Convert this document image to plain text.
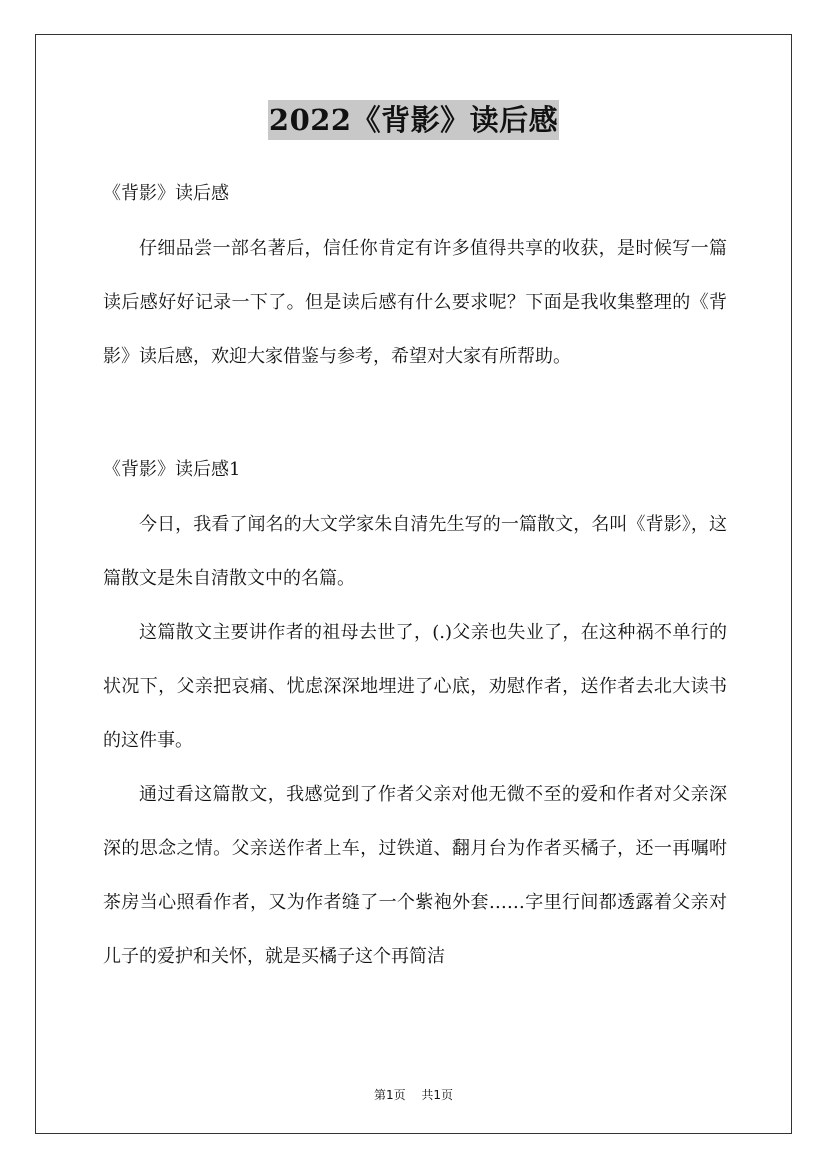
2022《背影》读后感

《背影》读后感

仔细品尝一部名著后，信任你肯定有许多值得共享的收获，是时候写一篇读后感好好记录一下了。但是读后感有什么要求呢？下面是我收集整理的《背影》读后感，欢迎大家借鉴与参考，希望对大家有所帮助。

《背影》读后感1

今日，我看了闻名的大文学家朱自清先生写的一篇散文，名叫《背影》，这篇散文是朱自清散文中的名篇。

这篇散文主要讲作者的祖母去世了，(.)父亲也失业了，在这种祸不单行的状况下，父亲把哀痛、忧虑深深地埋进了心底，劝慰作者，送作者去北大读书的这件事。

通过看这篇散文，我感觉到了作者父亲对他无微不至的爱和作者对父亲深深的思念之情。父亲送作者上车，过铁道、翻月台为作者买橘子，还一再嘱咐茶房当心照看作者，又为作者缝了一个紫袍外套……字里行间都透露着父亲对儿子的爱护和关怀，就是买橘子这个再简洁

第1页 共1页
